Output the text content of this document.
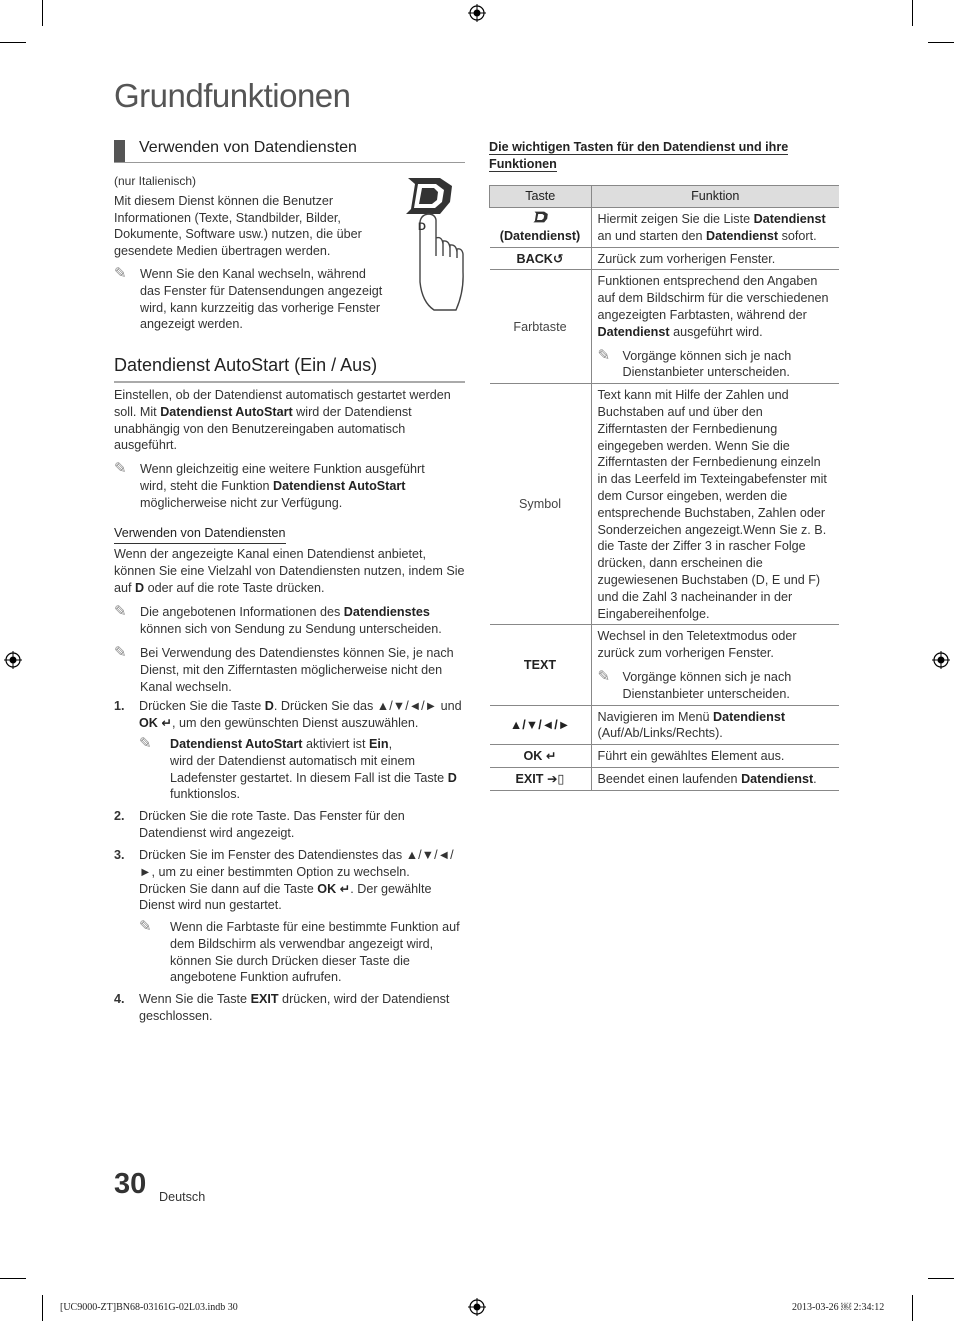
Grundfunktionen
Verwenden von Datendiensten

(nur Italienisch)

Mit diesem Dienst können die Benutzer Informationen (Texte, Standbilder, Bilder, Dokumente, Software usw.) nutzen, die über gesendete Medien übertragen werden.

D
✎ Wenn Sie den Kanal wechseln, während das Fenster für Datensendungen angezeigt wird, kann kurzzeitig das vorherige Fenster angezeigt werden.

Datendienst AutoStart (Ein / Aus)

Einstellen, ob der Datendienst automatisch gestartet werden soll. Mit Datendienst AutoStart wird der Datendienst unabhängig von den Benutzereingaben automatisch ausgeführt.

✎ Wenn gleichzeitig eine weitere Funktion ausgeführt wird, steht die Funktion Datendienst AutoStart möglicherweise nicht zur Verfügung.

Verwenden von Datendiensten

Wenn der angezeigte Kanal einen Datendienst anbietet, können Sie eine Vielzahl von Datendiensten nutzen, indem Sie auf D oder auf die rote Taste drücken.

✎ Die angebotenen Informationen des Datendienstes können sich von Sendung zu Sendung unterscheiden.

✎ Bei Verwendung des Datendienstes können Sie, je nach Dienst, mit den Zifferntasten möglicherweise nicht den Kanal wechseln.

1. Drücken Sie die Taste D. Drücken Sie das ▲/▼/◄/► und OK ↵, um den gewünschten Dienst auszuwählen.

✎ Datendienst AutoStart aktiviert ist Ein,
wird der Datendienst automatisch mit einem Ladefenster gestartet. In diesem Fall ist die Taste D funktionslos.

2. Drücken Sie die rote Taste. Das Fenster für den Datendienst wird angezeigt.
3. Drücken Sie im Fenster des Datendienstes das ▲/▼/◄/►, um zu einer bestimmten Option zu wechseln. Drücken Sie dann auf die Taste OK ↵. Der gewählte Dienst wird nun gestartet.

✎ Wenn die Farbtaste für eine bestimmte Funktion auf dem Bildschirm als verwendbar angezeigt wird, können Sie durch Drücken dieser Taste die angebotene Funktion aufrufen.

4. Wenn Sie die Taste EXIT drücken, wird der Datendienst geschlossen.

Die wichtigen Tasten für den Datendienst und ihre Funktionen
Taste	Funktion

(Datendienst)	Hiermit zeigen Sie die Liste Datendienst an und starten den Datendienst sofort.
BACK↺	Zurück zum vorherigen Fenster.
Farbtaste	Funktionen entsprechend den Angaben auf dem Bildschirm für die verschiedenen angezeigten Farbtasten, während der Datendienst ausgeführt wird.
✎ Vorgänge können sich je nach Dienstanbieter unterscheiden.

Symbol	Text kann mit Hilfe der Zahlen und Buchstaben auf und über den Zifferntasten der Fernbedienung eingegeben werden. Wenn Sie die Zifferntasten der Fernbedienung einzeln in das Leerfeld im Texteingabefenster mit dem Cursor eingeben, werden die entsprechende Buchstaben, Zahlen oder Sonderzeichen angezeigt.Wenn Sie z. B. die Taste der Ziffer 3 in rascher Folge drücken, dann erscheinen die zugewiesenen Buchstaben (D, E und F) und die Zahl 3 nacheinander in der Eingabereihenfolge.
TEXT	Wechsel in den Teletextmodus oder zurück zum vorherigen Fenster.
✎ Vorgänge können sich je nach Dienstanbieter unterscheiden.

▲/▼/◄/►	Navigieren im Menü Datendienst (Auf/Ab/Links/Rechts).
OK ↵	Führt ein gewähltes Element aus.
EXIT ➔▯	Beendet einen laufenden Datendienst.
30 Deutsch
[UC9000-ZT]BN68-03161G-02L03.indb 30	2013-03-26 ￼ 2:34:12
